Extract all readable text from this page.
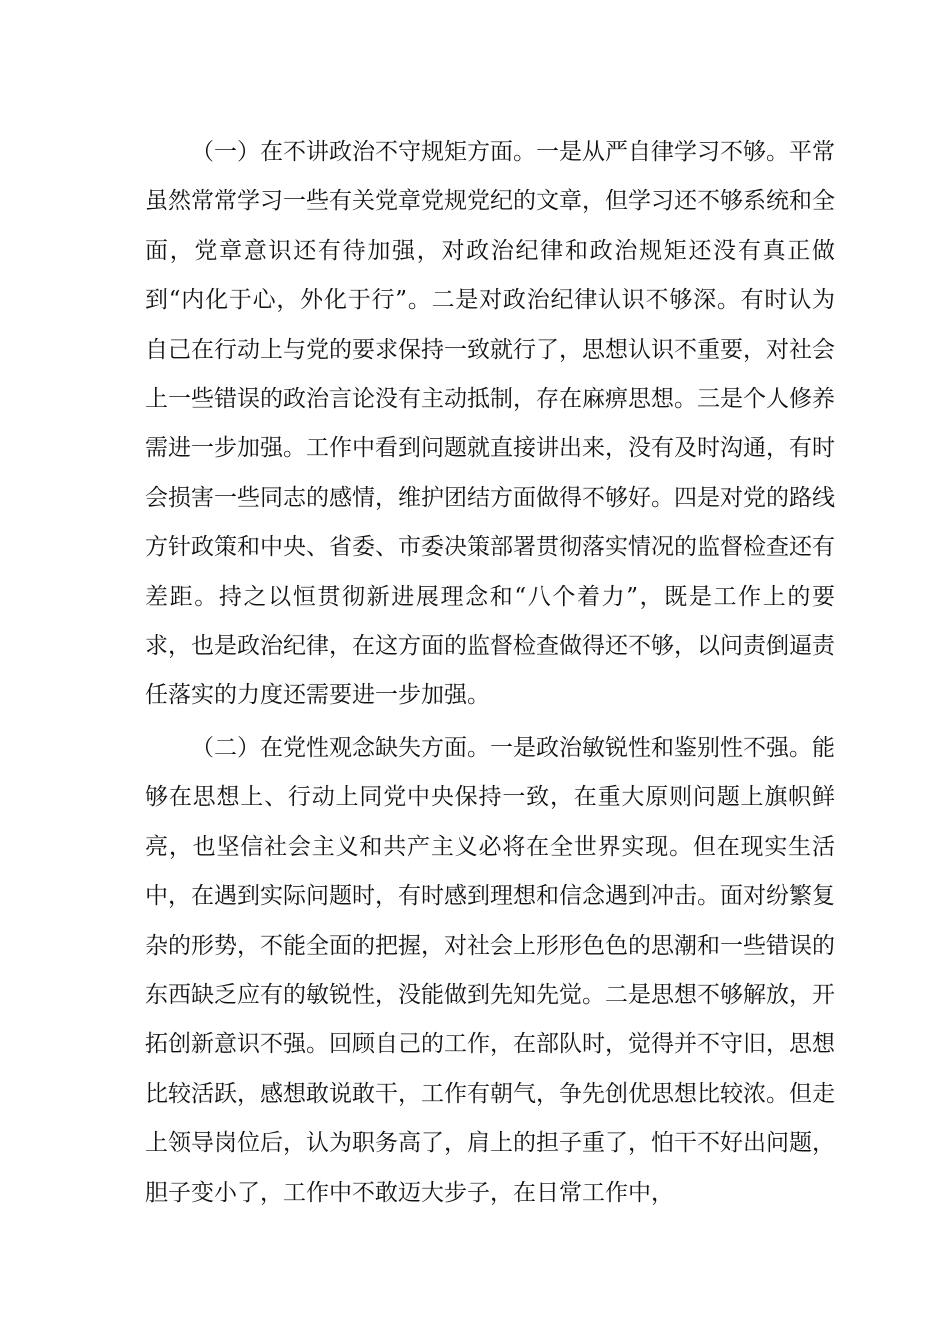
（一）在不讲政治不守规矩方面。一是从严自律学习不够。平常虽然常常学习一些有关党章党规党纪的文章，但学习还不够系统和全面，党章意识还有待加强，对政治纪律和政治规矩还没有真正做到“内化于心，外化于行”。二是对政治纪律认识不够深。有时认为自己在行动上与党的要求保持一致就行了，思想认识不重要，对社会上一些错误的政治言论没有主动抵制，存在麻痹思想。三是个人修养需进一步加强。工作中看到问题就直接讲出来，没有及时沟通，有时会损害一些同志的感情，维护团结方面做得不够好。四是对党的路线方针政策和中央、省委、市委决策部署贯彻落实情况的监督检查还有差距。持之以恒贯彻新进展理念和“八个着力”，既是工作上的要求，也是政治纪律，在这方面的监督检查做得还不够，以问责倒逼责任落实的力度还需要进一步加强。

（二）在党性观念缺失方面。一是政治敏锐性和鉴别性不强。能够在思想上、行动上同党中央保持一致，在重大原则问题上旗帜鲜亮，也坚信社会主义和共产主义必将在全世界实现。但在现实生活中，在遇到实际问题时，有时感到理想和信念遇到冲击。面对纷繁复杂的形势，不能全面的把握，对社会上形形色色的思潮和一些错误的东西缺乏应有的敏锐性，没能做到先知先觉。二是思想不够解放，开拓创新意识不强。回顾自己的工作，在部队时，觉得并不守旧，思想比较活跃，感想敢说敢干，工作有朝气，争先创优思想比较浓。但走上领导岗位后，认为职务高了，肩上的担子重了，怕干不好出问题，胆子变小了，工作中不敢迈大步子，在日常工作中，
